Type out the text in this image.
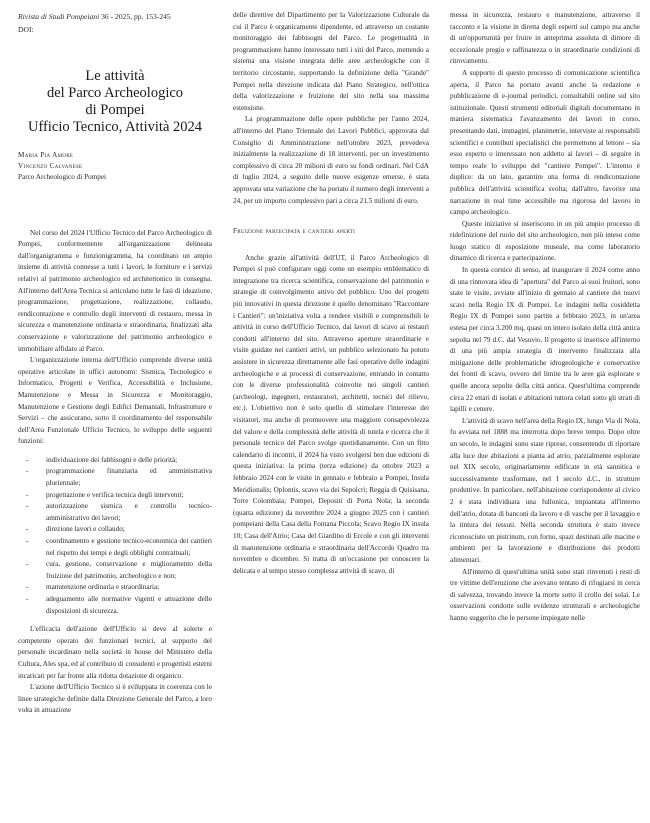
Rivista di Studi Pompeiani 36 - 2025, pp. 153-245
DOI:
Le attività
del Parco Archeologico
di Pompei
Ufficio Tecnico, Attività 2024
Maria Pia Amore
Vincenzo Calvanese
Parco Archeologico di Pompei

Nel corso del 2024 l'Ufficio Tecnico del Parco Archeologico di Pompei, conformemente all'organizzazione delineata dall'organigramma e funzionigramma, ha coordinato un ampio insieme di attività connesse a tutti i lavori, le forniture e i servizi relativi al patrimonio archeologico ed architettonico in consegna. All'interno dell'Area Tecnica si articolano tutte le fasi di ideazione, programmazione, progettazione, realizzazione, collaudo, rendicontazione e controllo degli interventi di restauro, messa in sicurezza e manutenzione ordinaria e straordinaria, finalizzati alla conservazione e valorizzazione del patrimonio archeologico e immobiliare affidato al Parco.

L'organizzazione interna dell'Ufficio comprende diverse unità operative articolate in uffici autonomi: Sismica, Tecnologico e Informatico, Progetti e Verifica, Accessibilità e Inclusione, Manutenzione e Messa in Sicurezza e Monitoraggio, Manutenzione e Gestione degli Edifici Demaniali, Infrastrutture e Servizi – che assicurano, sotto il coordinamento del responsabile dell'Area Funzionale Ufficio Tecnico, lo sviluppo delle seguenti funzioni:

- individuazione dei fabbisogni e delle priorità;
- programmazione finanziaria ed amministrativa pluriennale;
- progettazione e verifica tecnica degli interventi;
- autorizzazione sismica e controllo tecnico-amministrativo dei lavori;
- direzione lavori e collaudo;
- coordinamento e gestione tecnico-economica dei cantieri nel rispetto dei tempi e degli obblighi contrattuali;
- cura, gestione, conservazione e miglioramento della fruizione del patrimonio, archeologico e non;
- manutenzione ordinaria e straordinaria;
- adeguamento alle normative vigenti e attuazione delle disposizioni di sicurezza.

L'efficacia dell'azione dell'Ufficio si deve al solerte e competente operato dei funzionari tecnici, al supporto del personale incardinato nella società in house del Ministero della Cultura, Ales spa, ed al contributo di consulenti e progettisti esterni incaricati per far fronte alla ridotta dotazione di organico.

L'azione dell'Ufficio Tecnico si è sviluppata in coerenza con le linee strategiche definite dalla Direzione Generale del Parco, a loro volta in attuazione

delle direttive del Dipartimento per la Valorizzazione Culturale da cui il Parco è organicamente dipendente, ed attraverso un costante monitoraggio dei fabbisogni del Parco. Le progettualità in programmazione hanno interessato tutti i siti del Parco, mettendo a sistema una visione integrata delle aree archeologiche con il territorio circostante, supportando la definizione della "Grande" Pompei nella direzione indicata dal Piano Strategico, nell'ottica della valorizzazione e fruizione del sito nella sua massima estensione.

La programmazione delle opere pubbliche per l'anno 2024, all'interno del Piano Triennale dei Lavori Pubblici, approvata dal Consiglio di Amministrazione nell'ottobre 2023, prevedeva inizialmente la realizzazione di 18 interventi, per un investimento complessivo di circa 20 milioni di euro su fondi ordinari. Nel CdA di luglio 2024, a seguito delle nuove esigenze emerse, è stata approvata una variazione che ha portato il numero degli interventi a 24, per un importo complessivo pari a circa 21.5 milioni di euro.

Fruizione partecipata e cantieri aperti

Anche grazie all'attività dell'UT, il Parco Archeologico di Pompei si può configurare oggi come un esempio emblematico di integrazione tra ricerca scientifica, conservazione del patrimonio e strategie di coinvolgimento attivo del pubblico. Uno dei progetti più innovativi in questa direzione è quello denominato "Raccontare i Cantieri": un'iniziativa volta a rendere visibili e comprensibili le attività in corso dell'Ufficio Tecnico, dai lavori di scavo ai restauri condotti all'interno del sito. Attraverso aperture straordinarie e visite guidate nei cantieri attivi, un pubblico selezionato ha potuto assistere in sicurezza direttamente alle fasi operative delle indagini archeologiche e ai processi di conservazione, entrando in contatto con le diverse professionalità coinvolte nei singoli cantieri (archeologi, ingegneri, restauratori, architetti, tecnici del rilievo, etc.). L'obiettivo non è solo quello di stimolare l'interesse dei visitatori, ma anche di promuovere una maggiore consapevolezza del valore e della complessità delle attività di tutela e ricerca che il personale tecnico del Parco svolge quotidianamente. Con un fitto calendario di incontri, il 2024 ha visto svolgersi ben due edizioni di questa iniziativa: la prima (terza edizione) da ottobre 2023 a febbraio 2024 con le visite in gennaio e febbraio a Pompei, Insula Meridionalis; Oplontis, scavo via dei Sepolcri; Reggia di Quisisana, Torre Colombaia; Pompei, Depositi di Porta Nola; la seconda (quarta edizione) da novembre 2024 a giugno 2025 con i cantieri pompeiani della Casa della Fontana Piccola; Scavo Regio IX insula 10; Casa dell'Atrio; Casa del Giardino di Ercole e con gli interventi di manutenzione ordinaria e straordinaria dell'Accordo Quadro tra novembre e dicembre. Si tratta di un'occasione per conoscere la delicata e al tempo stesso complessa attività di scavo, di

messa in sicurezza, restauro e manutenzione, attraverso il racconto e la visione in diretta degli esperti sul campo ma anche di un'opportunità per fruire in anteprima assoluta di dimore di eccezionale pregio e raffinatezza o in straordinarie condizioni di ritrovamento.

A supporto di questo processo di comunicazione scientifica aperta, il Parco ha portato avanti anche la redazione e pubblicazione di e-journal periodici, consultabili online sul sito istituzionale. Questi strumenti editoriali digitali documentano in maniera sistematica l'avanzamento dei lavori in corso, presentando dati, immagini, planimetrie, interviste ai responsabili scientifici e contributi specialistici che permettono al lettore – sia esso esperto o interessato non addetto ai lavori – di seguire in tempo reale lo sviluppo del "cantiere Pompei". L'intento è duplice: da un lato, garantire una forma di rendicontazione pubblica dell'attività scientifica svolta; dall'altro, favorire una narrazione in real time accessibile ma rigorosa del lavoro in campo archeologico.

Queste iniziative si inseriscono in un più ampio processo di ridefinizione del ruolo del sito archeologico, non più inteso come luogo statico di esposizione museale, ma come laboratorio dinamico di ricerca e partecipazione.

In questa cornice di senso, ad inaugurare il 2024 come anno di una rinnovata idea di "apertura" del Parco ai suoi fruitori, sono state le visite, avviate all'inizio di gennaio al cantiere dei nuovi scavi nella Regio IX di Pompei. Le indagini nella cosiddetta Regio IX di Pompei sono partite a febbraio 2023, in un'area estesa per circa 3.200 mq, quasi un intero isolato della città antica sepolta nel 79 d.C. dal Vesuvio. Il progetto si inserisce all'interno di una più ampia strategia di intervento finalizzata alla mitigazione delle problematiche idrogeologiche e conservative dei fronti di scavo, ovvero del limite tra le aree già esplorate e quelle ancora sepolte della città antica. Quest'ultima comprende circa 22 ettari di isolati e abitazioni tuttora celati sotto gli strati di lapilli e cenere.

L'attività di scavo nell'area della Regio IX, lungo Via di Nola, fu avviata nel 1888 ma interrotta dopo breve tempo. Dopo oltre un secolo, le indagini sono state riprese, consentendo di riportare alla luce due abitazioni a pianta ad atrio, parzialmente esplorate nel XIX secolo, originariamente edificate in età sannitica e successivamente trasformate, nel I secolo d.C., in strutture produttive. In particolare, nell'abitazione corrispondente al civico 2 è stata individuata una fullonica, impiantata all'interno dell'atrio, dotata di banconi da lavoro e di vasche per il lavaggio e la tintura dei tessuti. Nella seconda struttura è stato invece riconosciuto un pistrinum, con forno, spazi destinati alle macine e ambienti per la lavorazione e distribuzione dei prodotti alimentari.

All'interno di quest'ultima unità sono stati rinvenuti i resti di tre vittime dell'eruzione che avevano tentato di rifugiarsi in cerca di salvezza, trovando invece la morte sotto il crollo dei solai. Le osservazioni condotte sulle evidenze strutturali e archeologiche hanno suggerito che le persone impiegate nelle
